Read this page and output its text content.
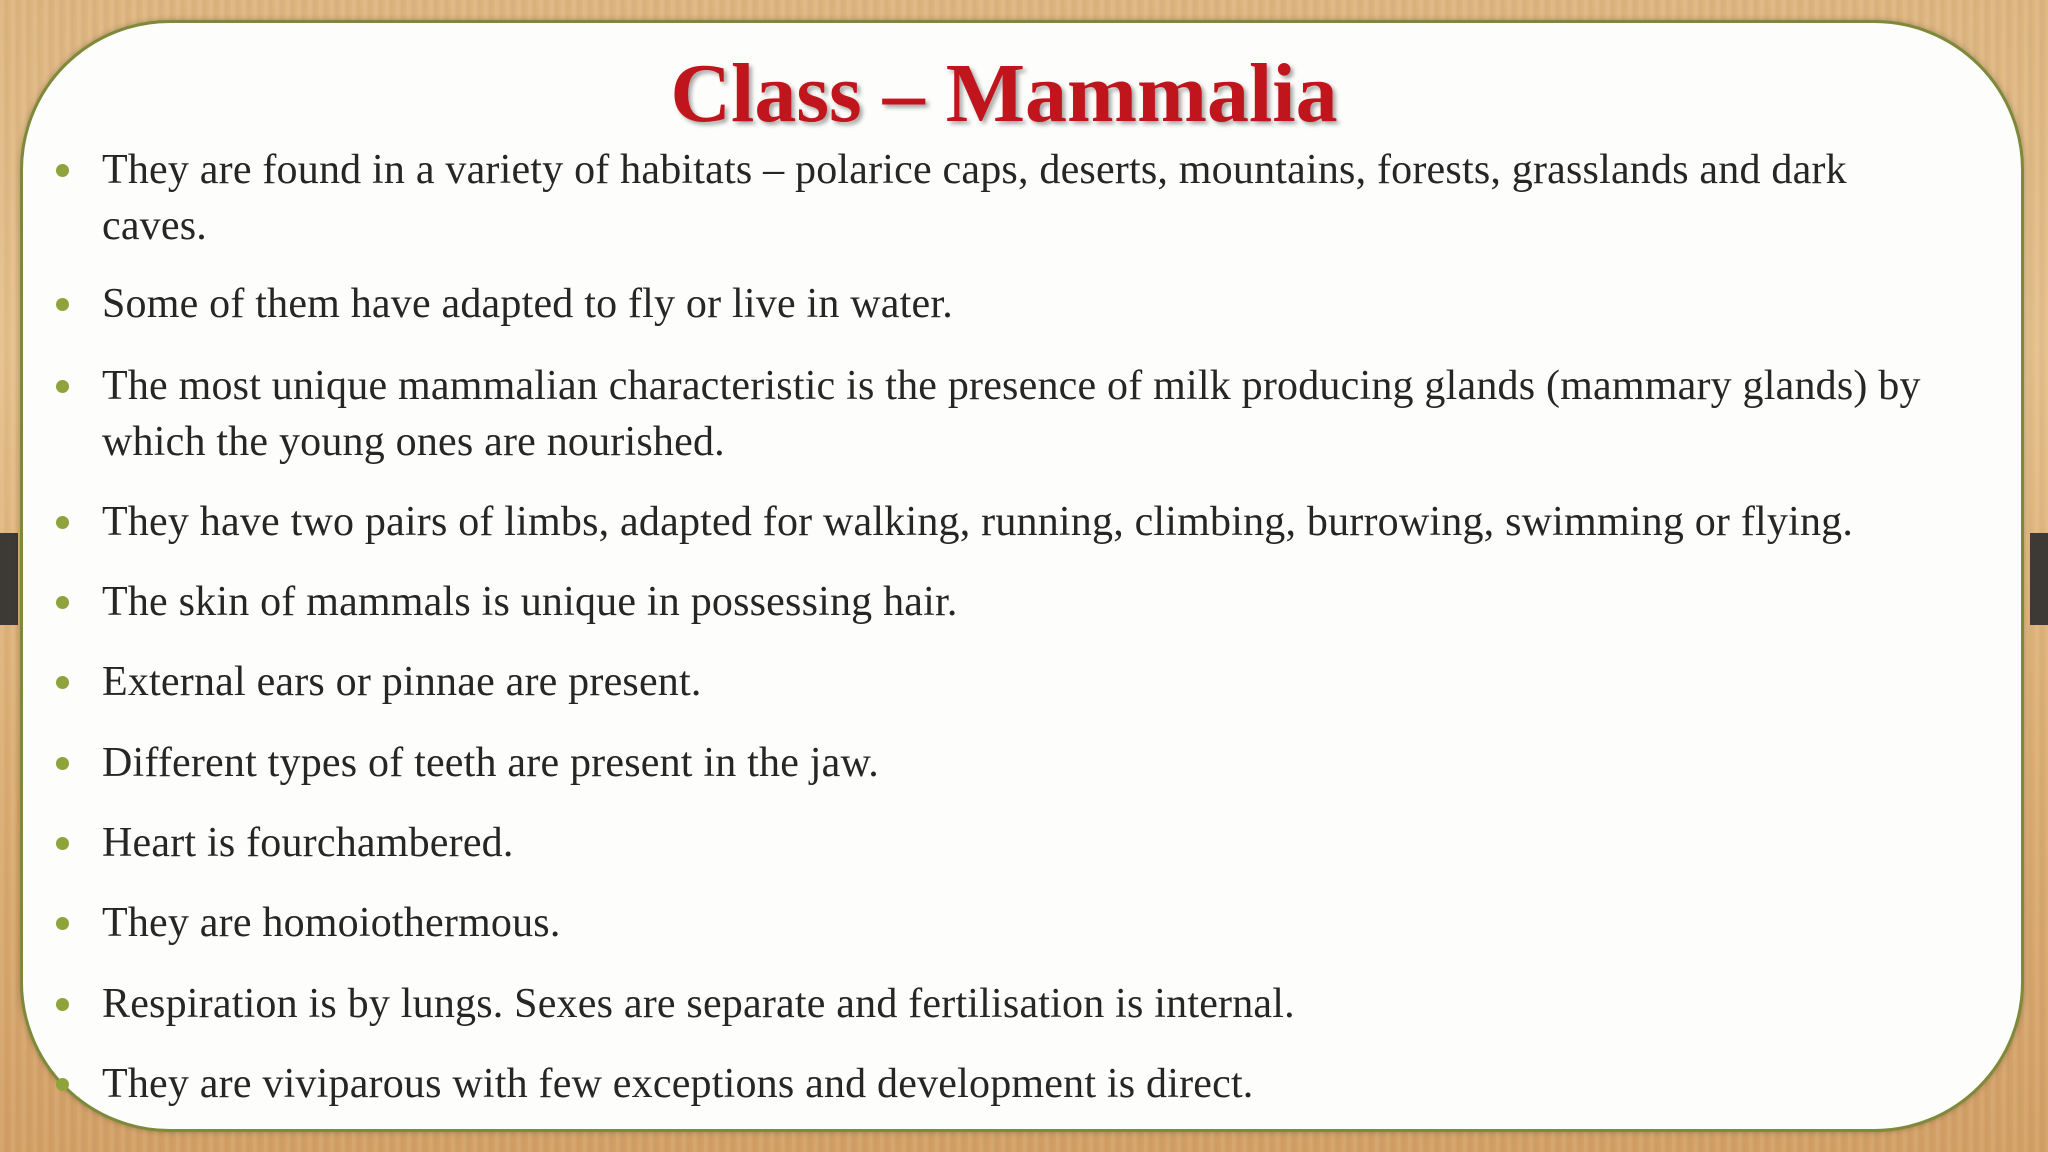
Class – Mammalia
They are found in a variety of habitats – polarice caps, deserts, mountains, forests, grasslands and dark caves.
Some of them have adapted to fly or live in water.
The most unique mammalian characteristic is the presence of milk producing glands (mammary glands) by which the young ones are nourished.
They have two pairs of limbs, adapted for walking, running, climbing, burrowing, swimming or flying.
The skin of mammals is unique in possessing hair.
External ears or pinnae are present.
Different types of teeth are present in the jaw.
Heart is fourchambered.
They are homoiothermous.
Respiration is by lungs. Sexes are separate and fertilisation is internal.
They are viviparous with few exceptions and development is direct.
